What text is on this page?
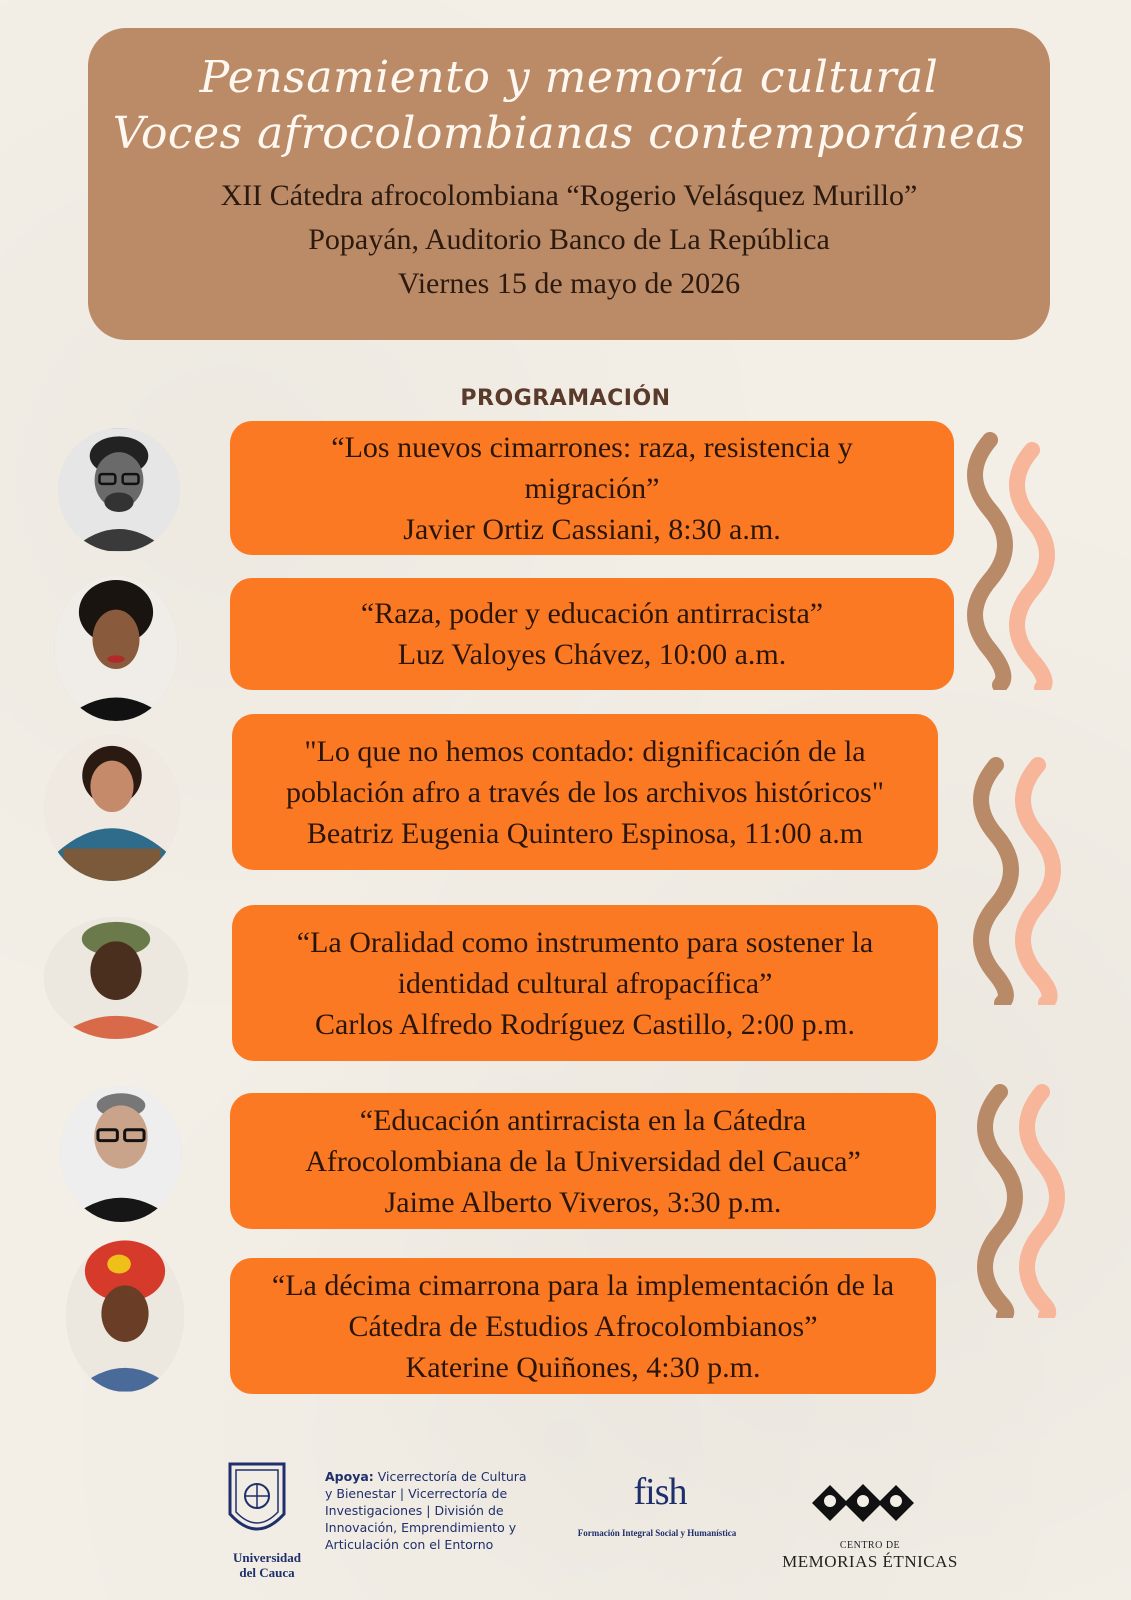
Pensamiento y memoría cultural
Voces afrocolombianas contemporáneas
XII Cátedra afrocolombiana “Rogerio Velásquez Murillo”
Popayán, Auditorio Banco de La República
Viernes 15 de mayo de 2026
PROGRAMACIÓN
“Los nuevos cimarrones: raza, resistencia y
migración”
Javier Ortiz Cassiani, 8:30 a.m.
“Raza, poder y educación antirracista”
Luz Valoyes Chávez, 10:00 a.m.
"Lo que no hemos contado: dignificación de la
población afro a través de los archivos históricos"
Beatriz Eugenia Quintero Espinosa, 11:00 a.m
“La Oralidad como instrumento para sostener la
identidad cultural afropacífica”
Carlos Alfredo Rodríguez Castillo, 2:00 p.m.
“Educación antirracista en la Cátedra
Afrocolombiana de la Universidad del Cauca”
Jaime Alberto Viveros, 3:30 p.m.
“La décima cimarrona para la implementación de la
Cátedra de Estudios Afrocolombianos”
Katerine Quiñones, 4:30 p.m.
Universidad
del Cauca
Apoya: Vicerrectoría de Cultura y Bienestar | Vicerrectoría de Investigaciones | División de Innovación, Emprendimiento y Articulación con el Entorno
fish
Formación Integral Social y Humanística
CENTRO DE
MEMORIAS ÉTNICAS
